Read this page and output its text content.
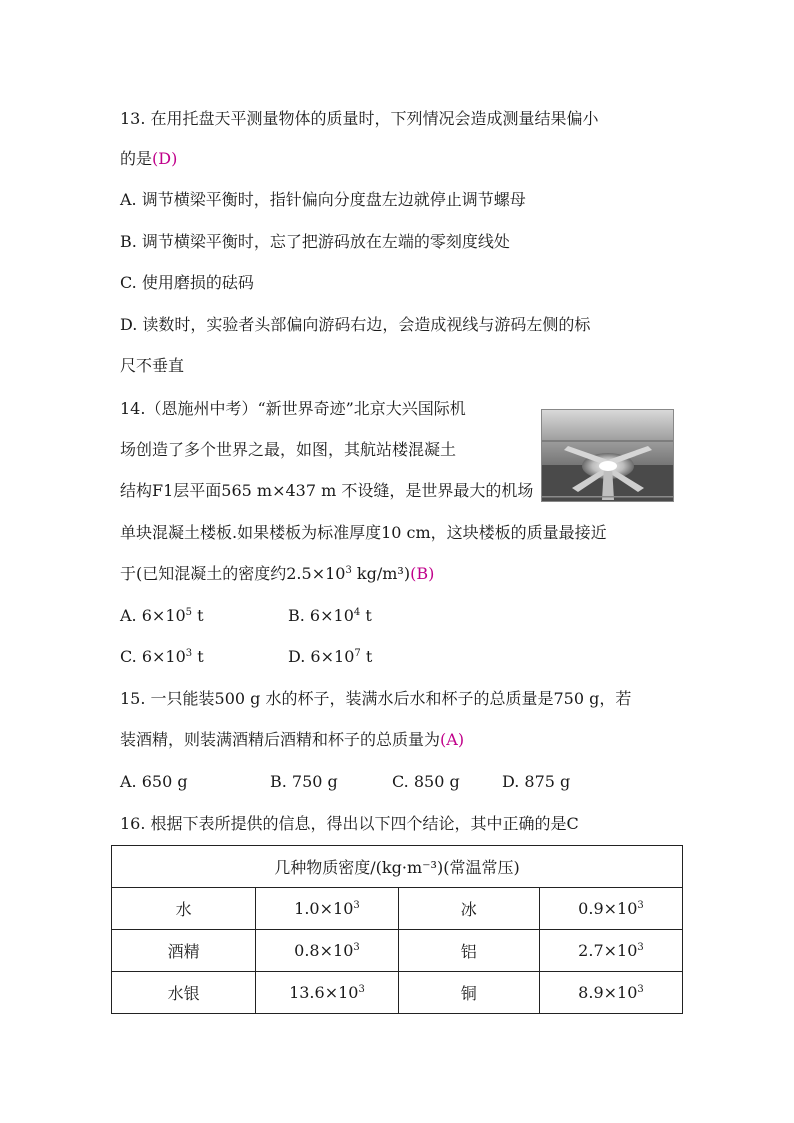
13. 在用托盘天平测量物体的质量时，下列情况会造成测量结果偏小
的是(D)
A. 调节横梁平衡时，指针偏向分度盘左边就停止调节螺母
B. 调节横梁平衡时，忘了把游码放在左端的零刻度线处
C. 使用磨损的砝码
D. 读数时，实验者头部偏向游码右边，会造成视线与游码左侧的标
尺不垂直
14.（恩施州中考）“新世界奇迹”北京大兴国际机
场创造了多个世界之最，如图，其航站楼混凝土
结构F1层平面565 m×437 m 不设缝，是世界最大的机场
单块混凝土楼板.如果楼板为标准厚度10 cm，这块楼板的质量最接近
于(已知混凝土的密度约$2.5\times 10^3$ kg/m³)(B)
A. $6\times 10^5$ t	B. $6\times 10^4$ t
C. $6\times 10^3$ t	D. $6\times 10^7$ t
15. 一只能装500 g 水的杯子，装满水后水和杯子的总质量是750 g，若
装酒精，则装满酒精后酒精和杯子的总质量为(A)
A. 650 g	B. 750 g	C. 850 g	D. 875 g
16. 根据下表所提供的信息，得出以下四个结论，其中正确的是C
几种物质密度/(kg·m⁻³)(常温常压)			
水	$1.0\times 10^3$	冰	$0.9\times 10^3$
酒精	$0.8\times 10^3$	铝	$2.7\times 10^3$
水银	$13.6\times 10^3$	铜	$8.9\times 10^3$
